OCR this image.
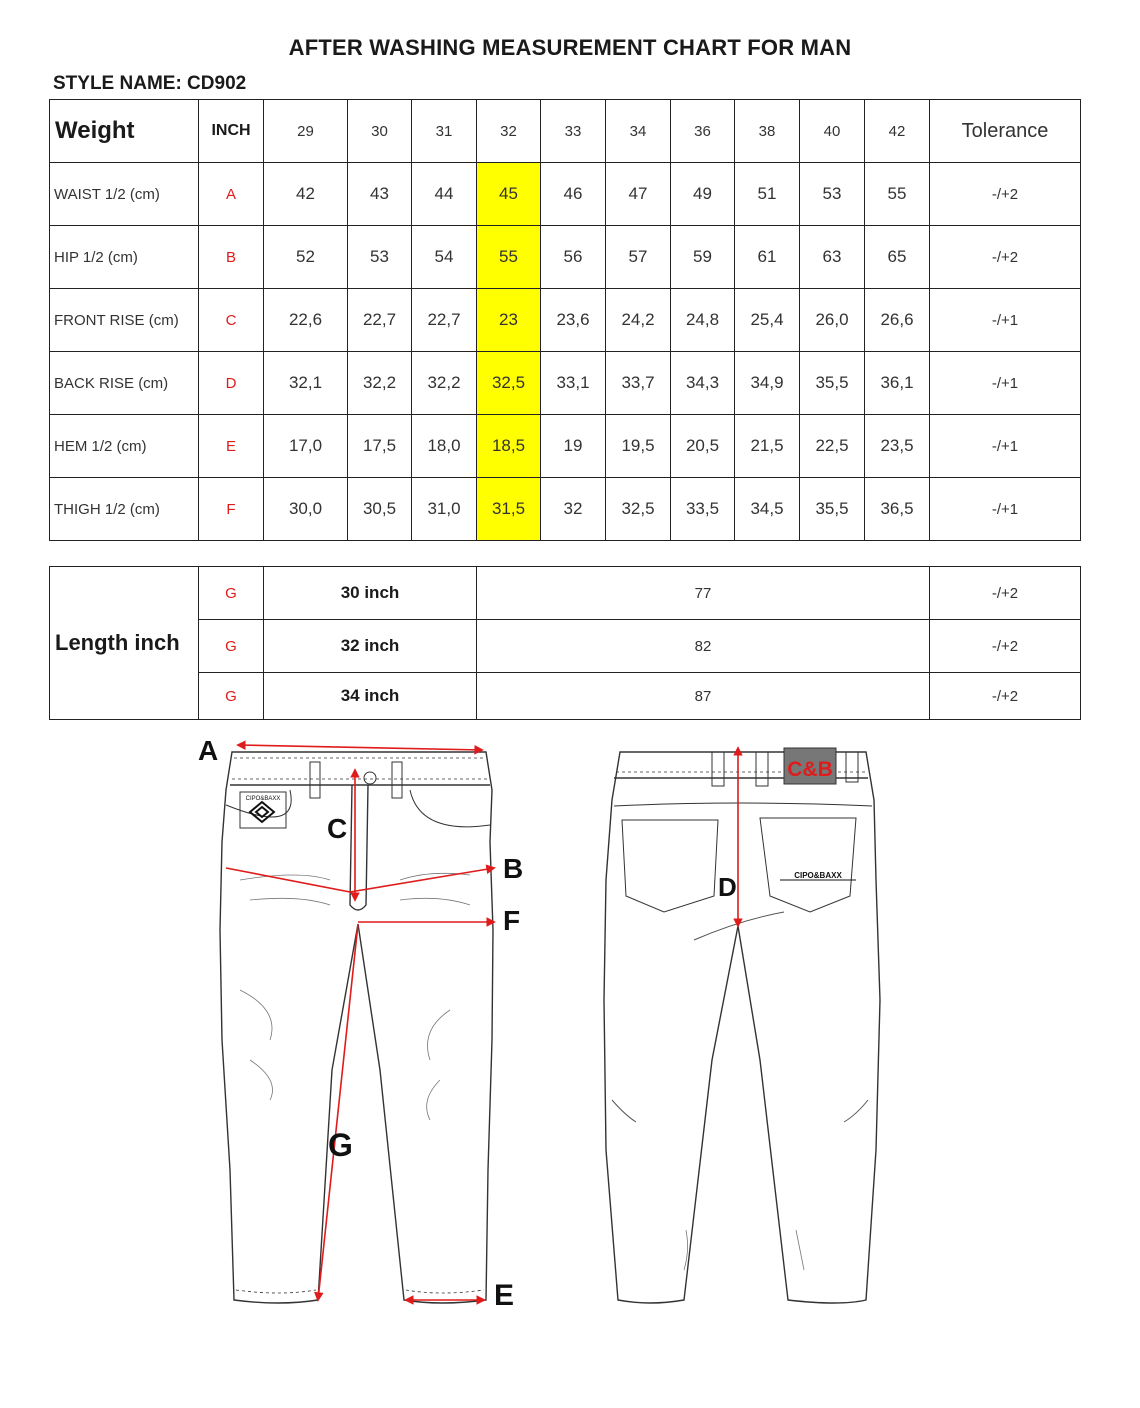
AFTER WASHING MEASUREMENT CHART FOR MAN
STYLE NAME: CD902
Weight	INCH	29	30	31	32	33	34	36	38	40	42	Tolerance
WAIST 1/2 (cm)	A	42	43	44	45	46	47	49	51	53	55	-/+2
HIP 1/2 (cm)	B	52	53	54	55	56	57	59	61	63	65	-/+2
FRONT RISE (cm)	C	22,6	22,7	22,7	23	23,6	24,2	24,8	25,4	26,0	26,6	-/+1
BACK RISE (cm)	D	32,1	32,2	32,2	32,5	33,1	33,7	34,3	34,9	35,5	36,1	-/+1
HEM 1/2 (cm)	E	17,0	17,5	18,0	18,5	19	19,5	20,5	21,5	22,5	23,5	-/+1
THIGH 1/2 (cm)	F	30,0	30,5	31,0	31,5	32	32,5	33,5	34,5	35,5	36,5	-/+1
Length inch	G	30 inch	77	-/+2
	G	32 inch	82	-/+2
	G	34 inch	87	-/+2
CIPO&BAXX
A
C
B
F
G
E
C&B
CIPO&BAXX
D
